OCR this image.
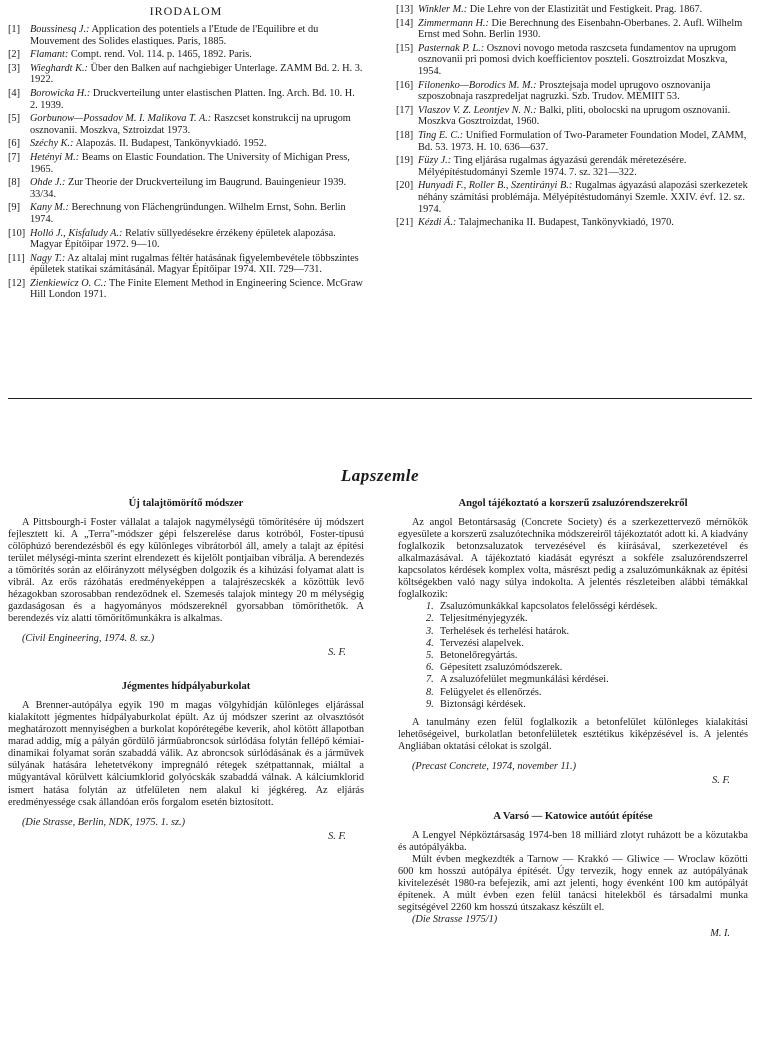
IRODALOM
[1] Boussinesq J.: Application des potentiels a l'Etude de l'Equilibre et du Mouvement des Solides elastiques. Paris, 1885.
[2] Flamant: Compt. rend. Vol. 114. p. 1465, 1892. Paris.
[3] Wieghardt K.: Über den Balken auf nachgiebiger Unterlage. ZAMM Bd. 2. H. 3. 1922.
[4] Borowicka H.: Druckverteilung unter elastischen Platten. Ing. Arch. Bd. 10. H. 2. 1939.
[5] Gorbunow—Possadov M. I. Malikova T. A.: Raszcset konstrukcij na uprugom osznovanii. Moszkva, Sztroizdat 1973.
[6] Széchy K.: Alapozás. II. Budapest, Tankönyvkiadó. 1952.
[7] Hetényi M.: Beams on Elastic Foundation. The University of Michigan Press, 1965.
[8] Ohde J.: Zur Theorie der Druckverteilung im Baugrund. Bauingenieur 1939. 33/34.
[9] Kany M.: Berechnung von Flächengründungen. Wilhelm Ernst, Sohn. Berlin 1974.
[10] Holló J., Kisfaludy A.: Relatív süllyedésekre érzékeny épületek alapozása. Magyar Építőipar 1972. 9—10.
[11] Nagy T.: Az altalaj mint rugalmas féltér hatásának figyelembevétele többszintes épületek statikai számításánál. Magyar Építőipar 1974. XII. 729—731.
[12] Zienkiewicz O. C.: The Finite Element Method in Engineering Science. McGraw Hill London 1971.
[13] Winkler M.: Die Lehre von der Elastizität und Festigkeit. Prag. 1867.
[14] Zimmermann H.: Die Berechnung des Eisenbahn-Oberbanes. 2. Aufl. Wilhelm Ernst med Sohn. Berlin 1930.
[15] Pasternak P. L.: Osznovi novogo metoda raszcseta fundamentov na uprugom osznovanii pri pomosi dvich koefficientov posztelі. Gosztroizdat Moszkva, 1954.
[16] Filonenko—Borodics M. M.: Prosztejsaja model uprugovo osznovanija szposzobnaja raszpredeljat nagruzki. Szb. Trudov. MEMIIT 53.
[17] Vlaszov V. Z. Leontjev N. N.: Balki, pliti, obolocski na uprugom osznovanii. Moszkva Gosztroizdat, 1960.
[18] Ting E. C.: Unified Formulation of Two-Parameter Foundation Model, ZAMM, Bd. 53. 1973. H. 10. 636—637.
[19] Füzy J.: Ting eljárása rugalmas ágyazású gerendák méretezésére. Mélyépítéstudományi Szemle 1974. 7. sz. 321—322.
[20] Hunyadi F., Roller B., Szentirányi B.: Rugalmas ágyazású alapozási szerkezetek néhány számítási problémája. Mélyépítéstudományi Szemle. XXIV. évf. 12. sz. 1974.
[21] Kézdi Á.: Talajmechanika II. Budapest, Tankönyvkiadó, 1970.
Lapszemle
Új talajtömörítő módszer

A Pittsbourgh-i Foster vállalat a talajok nagymélységű tömörítésére új módszert fejlesztett ki. A „Terra"-módszer gépi felszerelése darus kotróból, Foster-típusú cölöphúzó berendezésből és egy különleges vibrátorból áll, amely a talajt az építési terület mélységi-minta szerint elrendezett és kijelölt pontjaiban vibrálja. A berendezés a tömörítés során az előirányzott mélységben dolgozik és a kihúzási folyamat alatt is vibrál. Az erős rázóhatás eredményeképpen a talajrészecskék a közöttük levő hézagokban szorosabban rendeződnek el. Szemesés talajok mintegy 20 m mélységig gazdaságosan és a hagyományos módszereknél gyorsabban tömöríthetők. A berendezés víz alatti tömörítőmunkákra is alkalmas.

(Civil Engineering, 1974. 8. sz.)
S. F.
Jégmentes hídpályaburkolat

A Brenner-autópálya egyik 190 m magas völgyhídján különleges eljárással kialakított jégmentes hídpályaburkolat épült. Az új módszer szerint az olvasztósót meghatározott mennyiségben a burkolat kopórétegébe keverik, ahol kötött állapotban marad addig, míg a pályán gördülő járműabroncsok súrlódása folytán fellépő kémiai-dinamikai folyamat során szabaddá válik. Az abroncsok súrlódásának és a járművek súlyának hatására lehetetvékony impregnáló rétegek szétpattannak, miáltal a műgyantával körülvett kálciumklorid golyócskák szabaddá válnak. A kálciumklorid ismert hatása folytán az útfelületen nem alakul ki jégkéreg. Az eljárás eredményessége csak állandóan erős forgalom esetén biztosított.

(Die Strasse, Berlin, NDK, 1975. 1. sz.)
S. F.
Angol tájékoztató a korszerű zsaluzórendszerekről

Az angol Betontársaság (Concrete Society) és a szerkezettervező mérnökök egyesülete a korszerű zsaluzótechnika módszereiről tájékoztatót adott ki. A kiadvány foglalkozik betonzsaluzatok tervezésével és kiírásával, szerkezetével és alkalmazásával. A tájékoztató kiadását egyrészt a sokféle zsaluzórendszerrel kapcsolatos kérdések komplex volta, másrészt pedig a zsaluzómunkáknak az építési költségekben való nagy súlya indokolta. A jelentés részleteiben alábbi témákkal foglalkozik:

1. Zsaluzómunkákkal kapcsolatos felelősségi kérdések.
2. Teljesítményjegyzék.
3. Terhelések és terhelési határok.
4. Tervezési alapelvek.
5. Betonelőregyártás.
6. Gépesített zsaluzómódszerek.
7. A zsaluzófelület megmunkálási kérdései.
8. Felügyelet és ellenőrzés.
9. Biztonsági kérdések.

A tanulmány ezen felül foglalkozik a betonfelület különleges kialakítási lehetőségeivel, burkolatlan betonfelületek esztétikus kiképzésével is. A jelentés Angliában oktatási célokat is szolgál.

(Precast Concrete, 1974, november 11.)
S. F.
A Varsó — Katowice autóút építése

A Lengyel Népköztársaság 1974-ben 18 milliárd zlotyt ruházott be a közutakba és autópályákba.

Múlt évben megkezdték a Tarnow — Krakkó — Gliwice — Wroclaw közötti 600 km hosszú autópálya építését. Úgy tervezik, hogy ennek az autópályának kivitelezését 1980-ra befejezik, ami azt jelenti, hogy évenként 100 km autópályát építenek. A múlt évben ezen felül tanácsi hitelekből és társadalmi munka segítségével 2260 km hosszú útszakasz készült el.

(Die Strasse 1975/1)
M. I.
